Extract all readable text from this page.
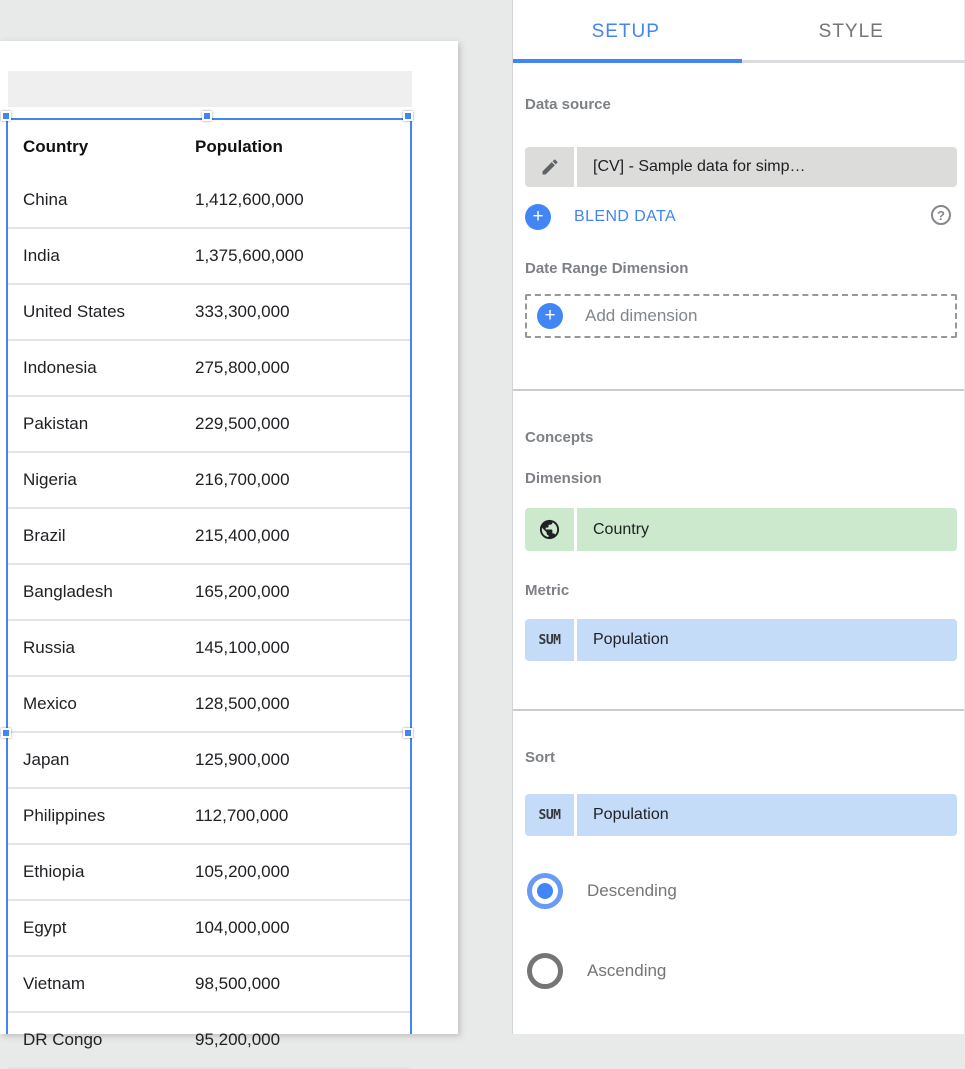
Country	Population
China	1,412,600,000
India	1,375,600,000
United States	333,300,000
Indonesia	275,800,000
Pakistan	229,500,000
Nigeria	216,700,000
Brazil	215,400,000
Bangladesh	165,200,000
Russia	145,100,000
Mexico	128,500,000
Japan	125,900,000
Philippines	112,700,000
Ethiopia	105,200,000
Egypt	104,000,000
Vietnam	98,500,000
DR Congo	95,200,000
SETUP	STYLE
Data source
[CV] - Sample data for simp…
+	BLEND DATA	?
Date Range Dimension
+	Add dimension
Concepts
Dimension
Country
Metric
SUM	Population
Sort
SUM	Population
Descending
Ascending
